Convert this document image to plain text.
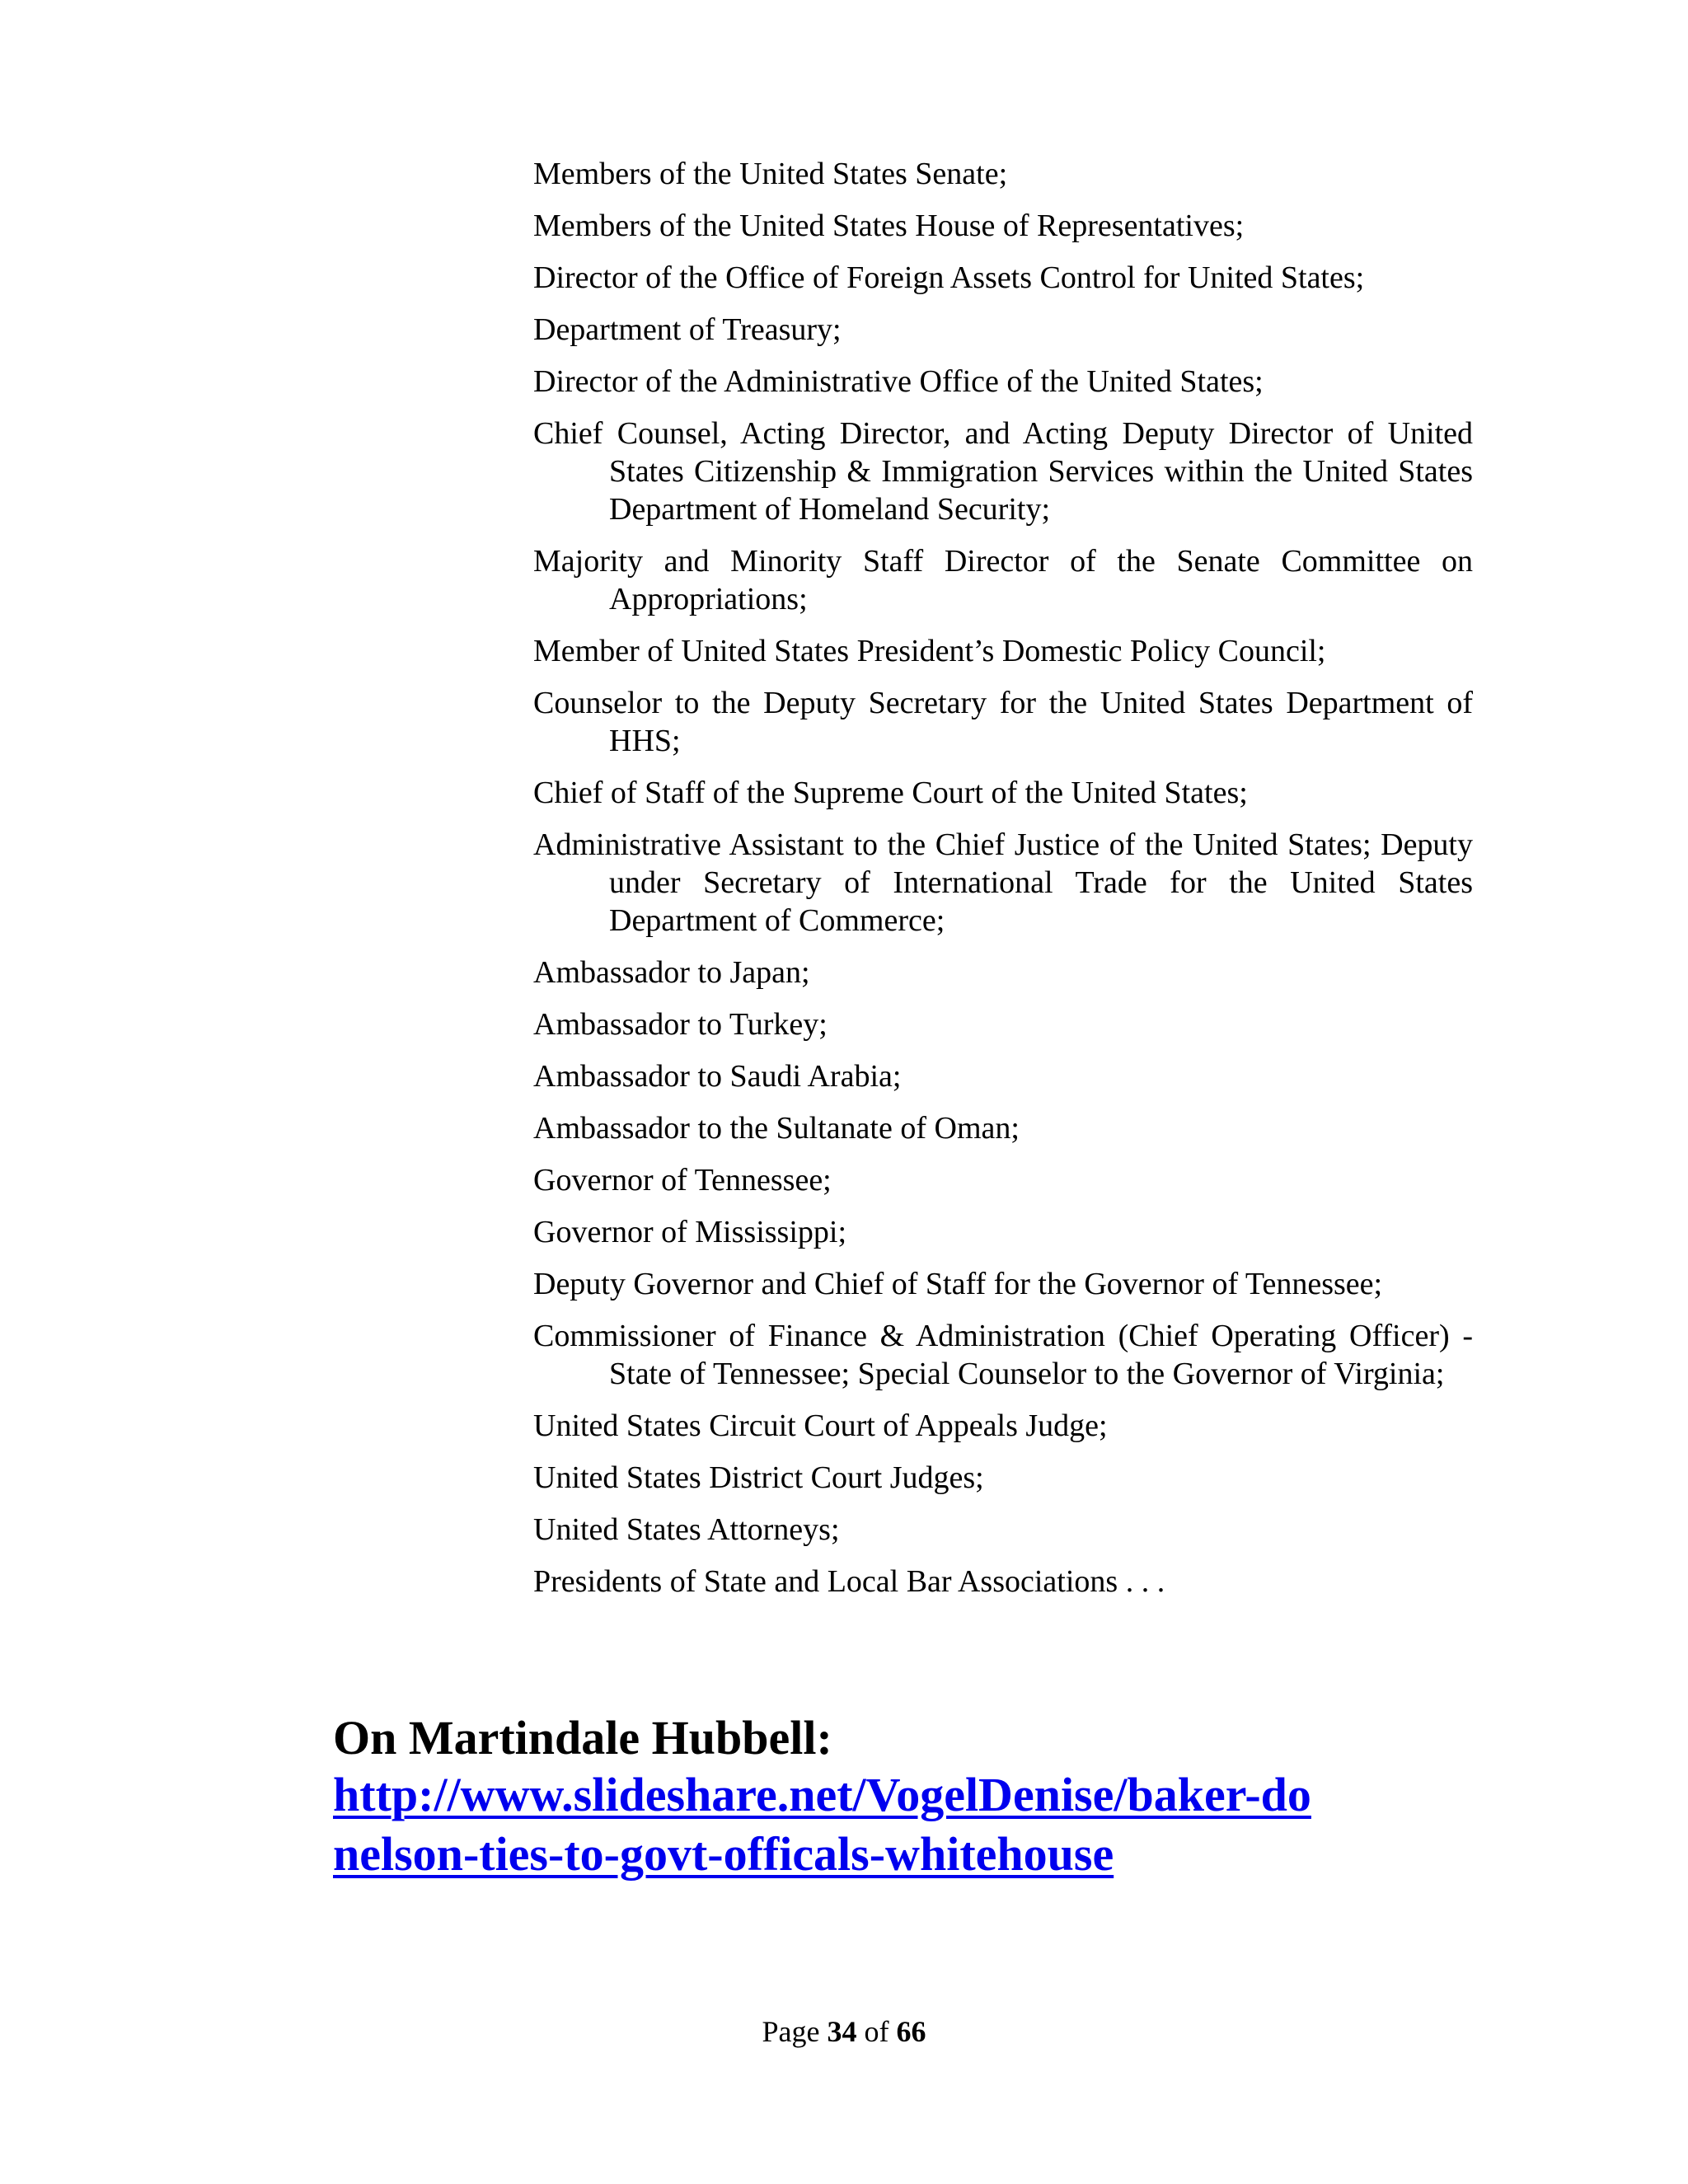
Members of the United States Senate;
Members of the United States House of Representatives;
Director of the Office of Foreign Assets Control for United States;
Department of Treasury;
Director of the Administrative Office of the United States;
Chief Counsel, Acting Director, and Acting Deputy Director of United States Citizenship & Immigration Services within the United States Department of Homeland Security;
Majority and Minority Staff Director of the Senate Committee on Appropriations;
Member of United States President’s Domestic Policy Council;
Counselor to the Deputy Secretary for the United States Department of HHS;
Chief of Staff of the Supreme Court of the United States;
Administrative Assistant to the Chief Justice of the United States; Deputy under Secretary of International Trade for the United States Department of Commerce;
Ambassador to Japan;
Ambassador to Turkey;
Ambassador to Saudi Arabia;
Ambassador to the Sultanate of Oman;
Governor of Tennessee;
Governor of Mississippi;
Deputy Governor and Chief of Staff for the Governor of Tennessee;
Commissioner of Finance & Administration (Chief Operating Officer) - State of Tennessee; Special Counselor to the Governor of Virginia;
United States Circuit Court of Appeals Judge;
United States District Court Judges;
United States Attorneys;
Presidents of State and Local Bar Associations . . .
On Martindale Hubbell:
http://www.slideshare.net/VogelDenise/baker-donelson-ties-to-govt-officals-whitehouse
Page 34 of 66
